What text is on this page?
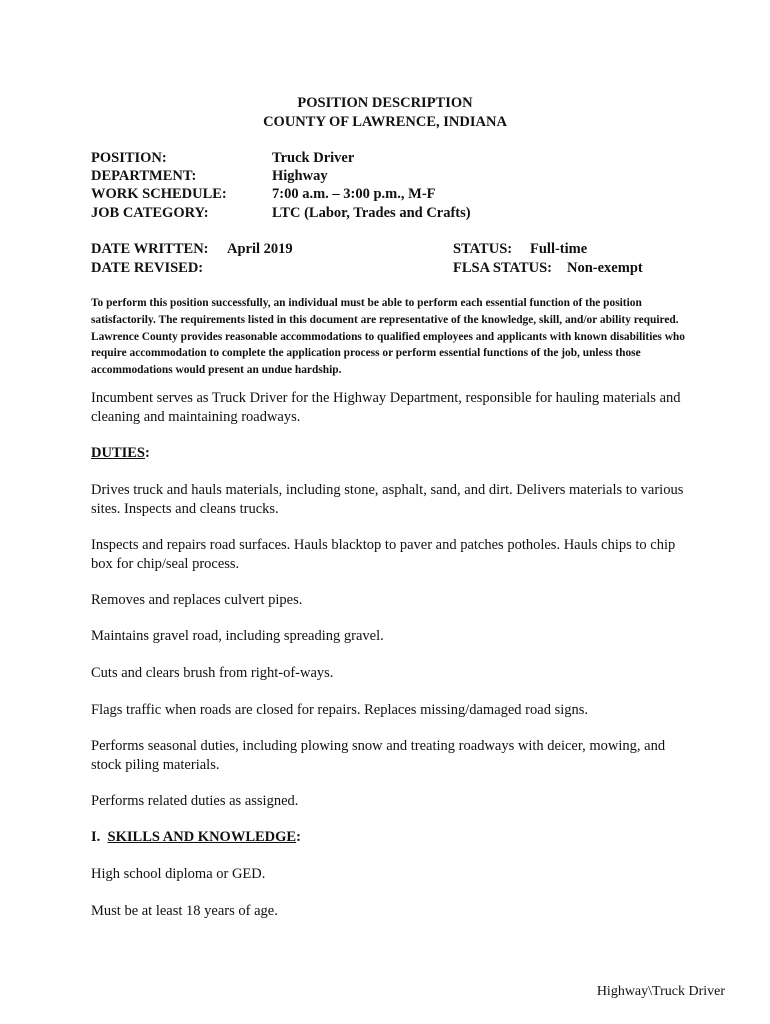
POSITION DESCRIPTION
COUNTY OF LAWRENCE, INDIANA
POSITION:	Truck Driver
DEPARTMENT:	Highway
WORK SCHEDULE:	7:00 a.m. – 3:00 p.m., M-F
JOB CATEGORY:	LTC (Labor, Trades and Crafts)
DATE WRITTEN: April 2019
DATE REVISED:
STATUS: Full-time
FLSA STATUS: Non-exempt
To perform this position successfully, an individual must be able to perform each essential function of the position satisfactorily. The requirements listed in this document are representative of the knowledge, skill, and/or ability required. Lawrence County provides reasonable accommodations to qualified employees and applicants with known disabilities who require accommodation to complete the application process or perform essential functions of the job, unless those accommodations would present an undue hardship.
Incumbent serves as Truck Driver for the Highway Department, responsible for hauling materials and cleaning and maintaining roadways.
DUTIES:
Drives truck and hauls materials, including stone, asphalt, sand, and dirt. Delivers materials to various sites. Inspects and cleans trucks.
Inspects and repairs road surfaces. Hauls blacktop to paver and patches potholes. Hauls chips to chip box for chip/seal process.
Removes and replaces culvert pipes.
Maintains gravel road, including spreading gravel.
Cuts and clears brush from right-of-ways.
Flags traffic when roads are closed for repairs. Replaces missing/damaged road signs.
Performs seasonal duties, including plowing snow and treating roadways with deicer, mowing, and stock piling materials.
Performs related duties as assigned.
I. SKILLS AND KNOWLEDGE:
High school diploma or GED.
Must be at least 18 years of age.
Highway\Truck Driver
